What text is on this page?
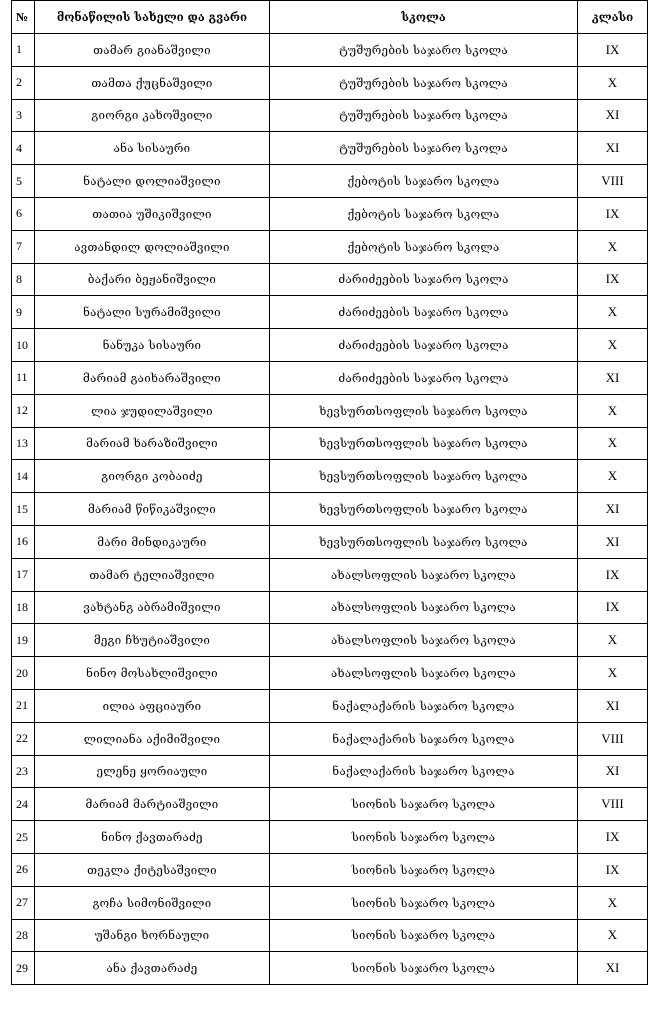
№	მონაწილის სახელი და გვარი	სკოლა	კლასი
1	თამარ გიანაშვილი	ტუშურების საჯარო სკოლა	IX
2	თამთა ქუცნაშვილი	ტუშურების საჯარო სკოლა	X
3	გიორგი კახოშვილი	ტუშურების საჯარო სკოლა	XI
4	ანა სისაური	ტუშურების საჯარო სკოლა	XI
5	ნატალი დოლიაშვილი	ქებოტის საჯარო სკოლა	VIII
6	თათია უშიკიშვილი	ქებოტის საჯარო სკოლა	IX
7	ავთანდილ დოლიაშვილი	ქებოტის საჯარო სკოლა	X
8	ბაქარი ბეჟანიშვილი	ძარიძეების საჯარო სკოლა	IX
9	ნატალი სურამიშვილი	ძარიძეების საჯარო სკოლა	X
10	ნანუკა სისაური	ძარიძეების საჯარო სკოლა	X
11	მარიამ გაიხარაშვილი	ძარიძეების საჯარო სკოლა	XI
12	ლია ჯუდილაშვილი	ხევსურთსოფლის საჯარო სკოლა	X
13	მარიამ ხარაზიშვილი	ხევსურთსოფლის საჯარო სკოლა	X
14	გიორგი კობაიძე	ხევსურთსოფლის საჯარო სკოლა	X
15	მარიამ წიწიკაშვილი	ხევსურთსოფლის საჯარო სკოლა	XI
16	მარი მინდიკაური	ხევსურთსოფლის საჯარო სკოლა	XI
17	თამარ ტელიაშვილი	ახალსოფლის საჯარო სკოლა	IX
18	ვახტანგ აბრამიშვილი	ახალსოფლის საჯარო სკოლა	IX
19	მეგი ჩხუტიაშვილი	ახალსოფლის საჯარო სკოლა	X
20	ნინო მოსახლიშვილი	ახალსოფლის საჯარო სკოლა	X
21	ილია აფციაური	ნაქალაქარის საჯარო სკოლა	XI
22	ლილიანა აქიმიშვილი	ნაქალაქარის საჯარო სკოლა	VIII
23	ელენე ყორიაული	ნაქალაქარის საჯარო სკოლა	XI
24	მარიამ მარტიაშვილი	სიონის საჯარო სკოლა	VIII
25	ნინო ქავთარაძე	სიონის საჯარო სკოლა	IX
26	თეკლა ქიტესაშვილი	სიონის საჯარო სკოლა	IX
27	გოჩა სიმონიშვილი	სიონის საჯარო სკოლა	X
28	უშანგი ხორნაული	სიონის საჯარო სკოლა	X
29	ანა ქავთარაძე	სიონის საჯარო სკოლა	XI
